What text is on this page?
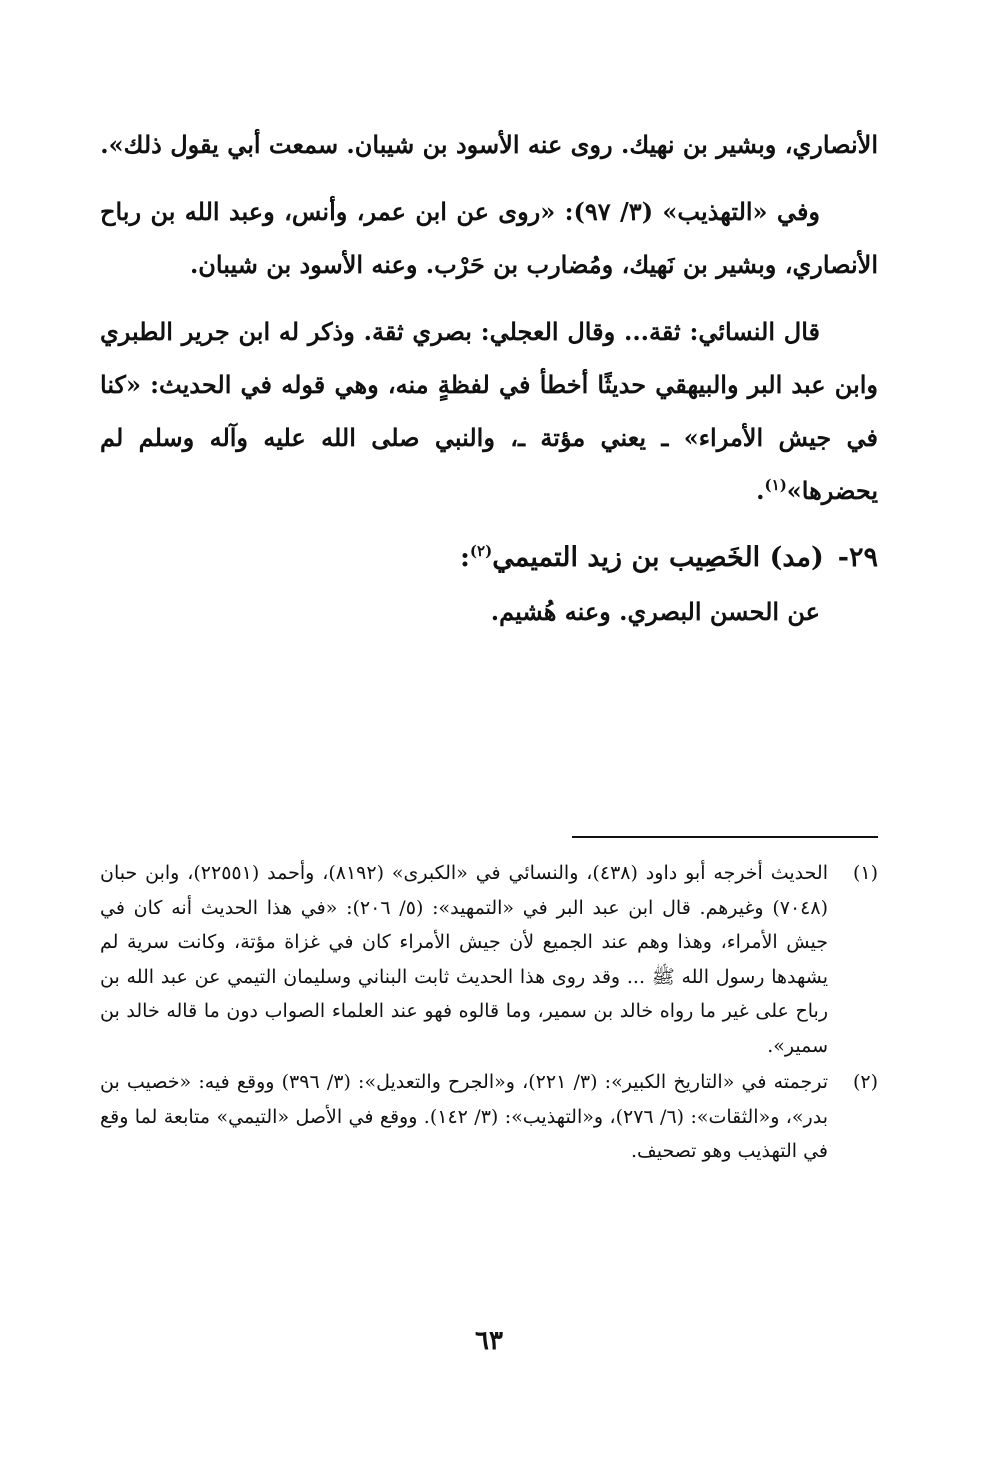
الأنصاري، وبشير بن نهيك. روى عنه الأسود بن شيبان. سمعت أبي يقول ذلك».

وفي «التهذيب» (٣/ ٩٧): «روى عن ابن عمر، وأنس، وعبد الله بن رباح الأنصاري، وبشير بن نَهيك، ومُضارب بن حَرْب. وعنه الأسود بن شيبان.

قال النسائي: ثقة... وقال العجلي: بصري ثقة. وذكر له ابن جرير الطبري وابن عبد البر والبيهقي حديثًا أخطأ في لفظةٍ منه، وهي قوله في الحديث: «كنا في جيش الأمراء» ـ يعني مؤتة ـ، والنبي صلى الله عليه وآله وسلم لم يحضرها»$^{(١)}$.

٢٩-(مد) الخَصِيب بن زيد التميمي$^{(٢)}$:

عن الحسن البصري. وعنه هُشيم.

(١)
الحديث أخرجه أبو داود (٤٣٨)، والنسائي في «الكبرى» (٨١٩٢)، وأحمد (٢٢٥٥١)، وابن حبان (٧٠٤٨) وغيرهم. قال ابن عبد البر في «التمهيد»: (٥/ ٢٠٦): «في هذا الحديث أنه كان في جيش الأمراء، وهذا وهم عند الجميع لأن جيش الأمراء كان في غزاة مؤتة، وكانت سرية لم يشهدها رسول الله ﷺ ... وقد روى هذا الحديث ثابت البناني وسليمان التيمي عن عبد الله بن رباح على غير ما رواه خالد بن سمير، وما قالوه فهو عند العلماء الصواب دون ما قاله خالد بن سمير».

(٢)
ترجمته في «التاريخ الكبير»: (٣/ ٢٢١)، و«الجرح والتعديل»: (٣/ ٣٩٦) ووقع فيه: «خصيب بن بدر»، و«الثقات»: (٦/ ٢٧٦)، و«التهذيب»: (٣/ ١٤٢). ووقع في الأصل «التيمي» متابعة لما وقع في التهذيب وهو تصحيف.

٦٣
